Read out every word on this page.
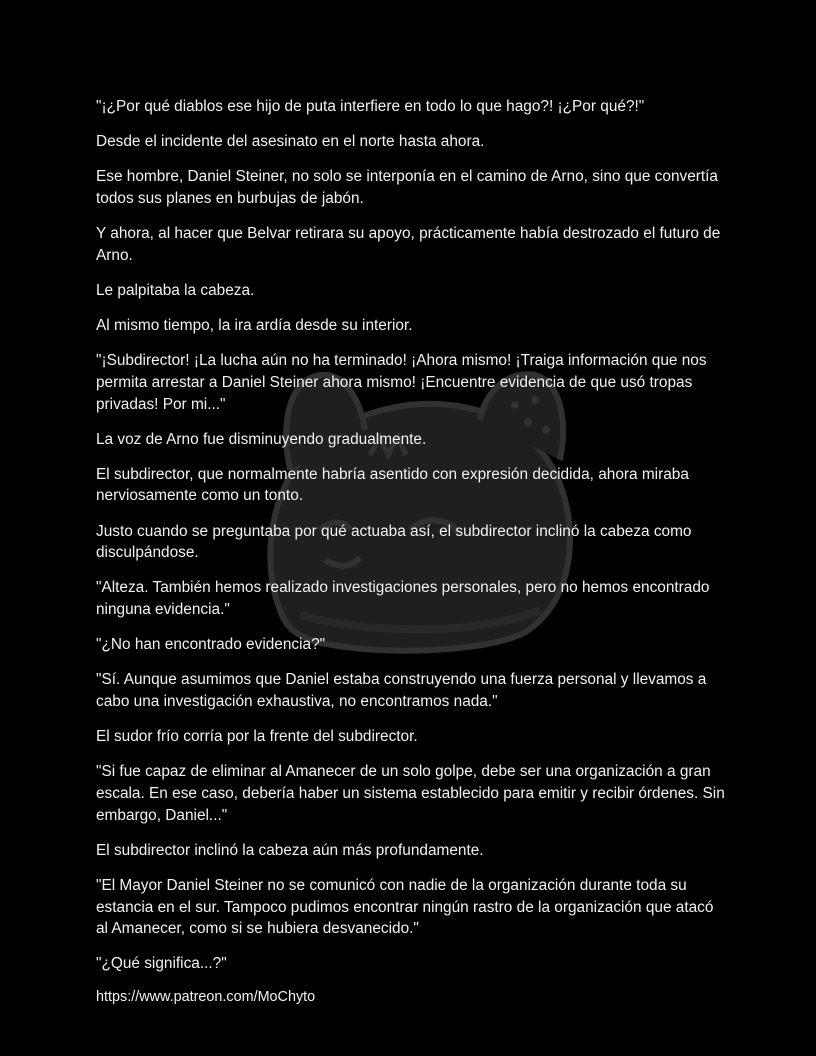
"¡¿Por qué diablos ese hijo de puta interfiere en todo lo que hago?! ¡¿Por qué?!"

Desde el incidente del asesinato en el norte hasta ahora.

Ese hombre, Daniel Steiner, no solo se interponía en el camino de Arno, sino que convertía todos sus planes en burbujas de jabón.

Y ahora, al hacer que Belvar retirara su apoyo, prácticamente había destrozado el futuro de Arno.

Le palpitaba la cabeza.

Al mismo tiempo, la ira ardía desde su interior.

"¡Subdirector! ¡La lucha aún no ha terminado! ¡Ahora mismo! ¡Traiga información que nos permita arrestar a Daniel Steiner ahora mismo! ¡Encuentre evidencia de que usó tropas privadas! Por mi..."

La voz de Arno fue disminuyendo gradualmente.

El subdirector, que normalmente habría asentido con expresión decidida, ahora miraba nerviosamente como un tonto.

Justo cuando se preguntaba por qué actuaba así, el subdirector inclinó la cabeza como disculpándose.

"Alteza. También hemos realizado investigaciones personales, pero no hemos encontrado ninguna evidencia."

"¿No han encontrado evidencia?"

"Sí. Aunque asumimos que Daniel estaba construyendo una fuerza personal y llevamos a cabo una investigación exhaustiva, no encontramos nada."

El sudor frío corría por la frente del subdirector.

"Si fue capaz de eliminar al Amanecer de un solo golpe, debe ser una organización a gran escala. En ese caso, debería haber un sistema establecido para emitir y recibir órdenes. Sin embargo, Daniel..."

El subdirector inclinó la cabeza aún más profundamente.

"El Mayor Daniel Steiner no se comunicó con nadie de la organización durante toda su estancia en el sur. Tampoco pudimos encontrar ningún rastro de la organización que atacó al Amanecer, como si se hubiera desvanecido."

"¿Qué significa...?"

https://www.patreon.com/MoChyto
